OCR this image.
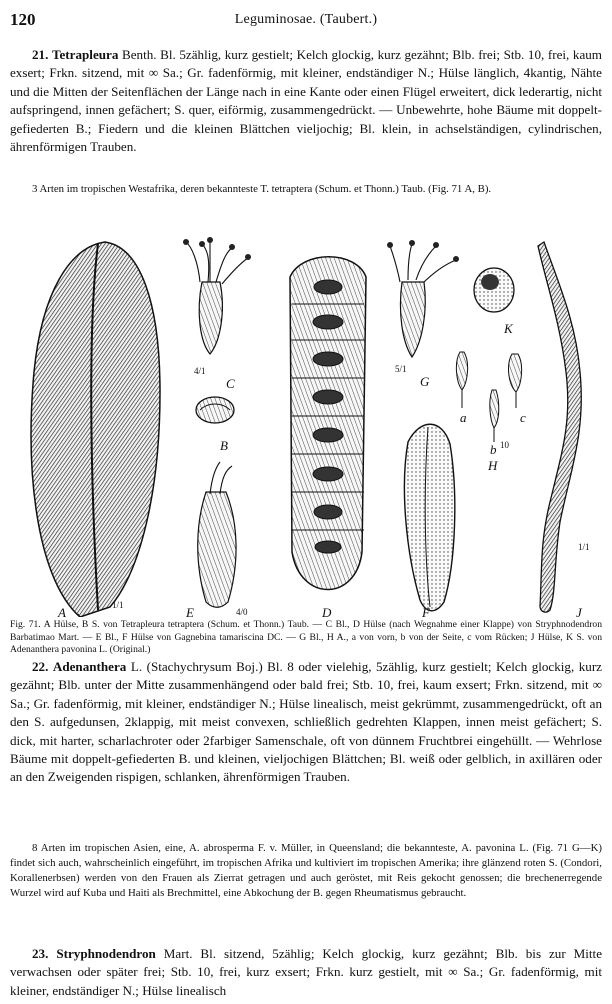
120	Leguminosae. (Taubert.)

21. Tetrapleura Benth. Bl. 5zählig, kurz gestielt; Kelch glockig, kurz gezähnt; Blb. frei; Stb. 10, frei, kaum exsert; Frkn. sitzend, mit ∞ Sa.; Gr. fadenförmig, mit kleiner, endständiger N.; Hülse länglich, 4kantig, Nähte und die Mitten der Seitenflächen der Länge nach in eine Kante oder einen Flügel erweitert, dick lederartig, nicht aufspringend, innen gefächert; S. quer, eiförmig, zusammengedrückt. — Unbewehrte, hohe Bäume mit doppelt-gefiederten B.; Fiedern und die kleinen Blättchen vieljochig; Bl. klein, in achselständigen, cylindrischen, ährenförmigen Trauben.

3 Arten im tropischen Westafrika, deren bekannteste T. tetraptera (Schum. et Thonn.) Taub. (Fig. 71 A, B).

A	1/1
C
4/1
B
E	4/0	D
G
5/1
K
a
b 10
c
H
F	J
1/1

Fig. 71. A Hülse, B S. von Tetrapleura tetraptera (Schum. et Thonn.) Taub. — C Bl., D Hülse (nach Wegnahme einer Klappe) von Stryphnodendron Barbatimao Mart. — E Bl., F Hülse von Gagnebina tamariscina DC. — G Bl., H A., a von vorn, b von der Seite, c vom Rücken; J Hülse, K S. von Adenanthera pavonina L. (Original.)

22. Adenanthera L. (Stachychrysum Boj.) Bl. 8 oder vielehig, 5zählig, kurz gestielt; Kelch glockig, kurz gezähnt; Blb. unter der Mitte zusammenhängend oder bald frei; Stb. 10, frei, kaum exsert; Frkn. sitzend, mit ∞ Sa.; Gr. fadenförmig, mit kleiner, endständiger N.; Hülse linealisch, meist gekrümmt, zusammengedrückt, oft an den S. aufgedunsen, 2klappig, mit meist convexen, schließlich gedrehten Klappen, innen meist gefächert; S. dick, mit harter, scharlachroter oder 2farbiger Samenschale, oft von dünnem Fruchtbrei eingehüllt. — Wehrlose Bäume mit doppelt-gefiederten B. und kleinen, vieljochigen Blättchen; Bl. weiß oder gelblich, in axillären oder an den Zweigenden rispigen, schlanken, ährenförmigen Trauben.

8 Arten im tropischen Asien, eine, A. abrosperma F. v. Müller, in Queensland; die bekannteste, A. pavonina L. (Fig. 71 G—K) findet sich auch, wahrscheinlich eingeführt, im tropischen Afrika und kultiviert im tropischen Amerika; ihre glänzend roten S. (Condori, Korallenerbsen) werden von den Frauen als Zierrat getragen und auch geröstet, mit Reis gekocht genossen; die brechenerregende Wurzel wird auf Kuba und Haiti als Brechmittel, eine Abkochung der B. gegen Rheumatismus gebraucht.

23. Stryphnodendron Mart. Bl. sitzend, 5zählig; Kelch glockig, kurz gezähnt; Blb. bis zur Mitte verwachsen oder später frei; Stb. 10, frei, kurz exsert; Frkn. kurz gestielt, mit ∞ Sa.; Gr. fadenförmig, mit kleiner, endständiger N.; Hülse linealisch
